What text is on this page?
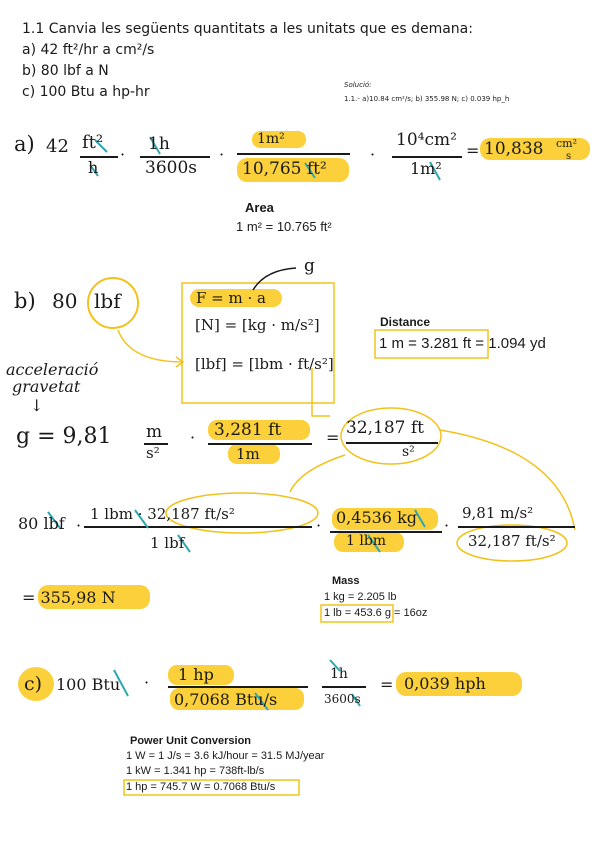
1.1 Canvia les següents quantitats a les unitats que es demana:
a) 42 ft²/hr a cm²/s
b) 80 lbf a N
c) 100 Btu a hp-hr	Solució:
1.1.- a)10.84 cm²/s; b) 355.98 N; c) 0.039 hp_h
a) 42 ft²
h
·
1h
3600s
·
1m²
10,765 ft²
·
10⁴cm²
1m²
= 10,838 cm²
s
Area
1 m² = 10.765 ft²
b) 80 lbf
g
F = m · a
[N] = [kg · m/s²]
[lbf] = [lbm · ft/s²]
acceleració
gravetat
↓
Distance
1 m = 3.281 ft = 1.094 yd
g = 9,81 m
s²
· 3,281 ft
1m
= 32,187 ft
s²
80 lbf ·
1 lbm · 32,187 ft/s²
1 lbf
· 0,4536 kg
1 lbm
·
9,81 m/s²
32,187 ft/s²
= 355,98 N
Mass
1 kg = 2.205 lb
1 lb = 453.6 g = 16oz
c) 100 Btu · 1 hp
0,7068 Btu/s
1h
3600s
= 0,039 hph
Power Unit Conversion
1 W = 1 J/s = 3.6 kJ/hour = 31.5 MJ/year
1 kW = 1.341 hp = 738ft-lb/s
1 hp = 745.7 W = 0.7068 Btu/s
